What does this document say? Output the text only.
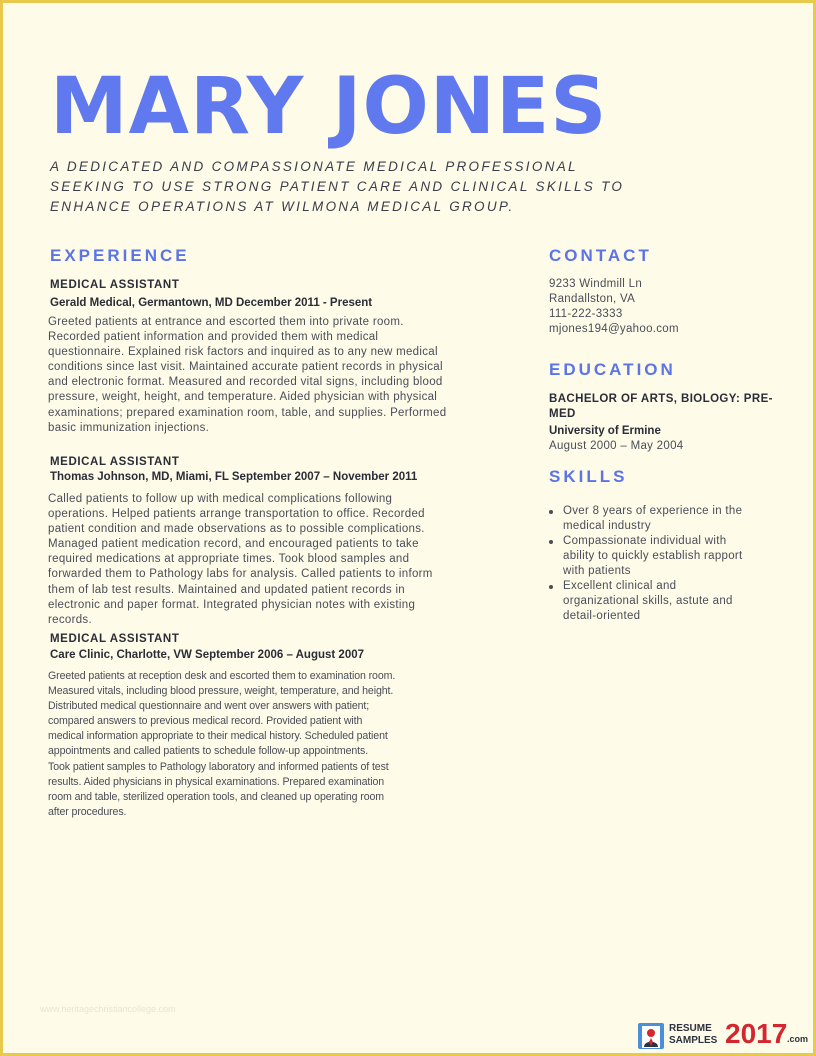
MARY JONES
A DEDICATED AND COMPASSIONATE MEDICAL PROFESSIONAL
SEEKING TO USE STRONG PATIENT CARE AND CLINICAL SKILLS TO
ENHANCE OPERATIONS AT WILMONA MEDICAL GROUP.
EXPERIENCE
MEDICAL ASSISTANT
Gerald Medical, Germantown, MD December 2011 - Present
Greeted patients at entrance and escorted them into private room.
Recorded patient information and provided them with medical
questionnaire. Explained risk factors and inquired as to any new medical
conditions since last visit. Maintained accurate patient records in physical
and electronic format. Measured and recorded vital signs, including blood
pressure, weight, height, and temperature. Aided physician with physical
examinations; prepared examination room, table, and supplies. Performed
basic immunization injections.
MEDICAL ASSISTANT
Thomas Johnson, MD, Miami, FL September 2007 – November 2011
Called patients to follow up with medical complications following
operations. Helped patients arrange transportation to office. Recorded
patient condition and made observations as to possible complications.
Managed patient medication record, and encouraged patients to take
required medications at appropriate times. Took blood samples and
forwarded them to Pathology labs for analysis. Called patients to inform
them of lab test results. Maintained and updated patient records in
electronic and paper format. Integrated physician notes with existing
records.
MEDICAL ASSISTANT
Care Clinic, Charlotte, VW September 2006 – August 2007
Greeted patients at reception desk and escorted them to examination room.
Measured vitals, including blood pressure, weight, temperature, and height.
Distributed medical questionnaire and went over answers with patient;
compared answers to previous medical record. Provided patient with
medical information appropriate to their medical history. Scheduled patient
appointments and called patients to schedule follow-up appointments.
Took patient samples to Pathology laboratory and informed patients of test
results. Aided physicians in physical examinations. Prepared examination
room and table, sterilized operation tools, and cleaned up operating room
after procedures.
CONTACT
9233 Windmill Ln
Randallston, VA
111-222-3333
mjones194@yahoo.com
EDUCATION
BACHELOR OF ARTS, BIOLOGY: PRE-
MED
University of Ermine
August 2000 – May 2004
SKILLS
Over 8 years of experience in the
medical industry
Compassionate individual with
ability to quickly establish rapport
with patients
Excellent clinical and
organizational skills, astute and
detail-oriented
www.heritagechristiancollege.com
RESUME
SAMPLES 2017 .com
